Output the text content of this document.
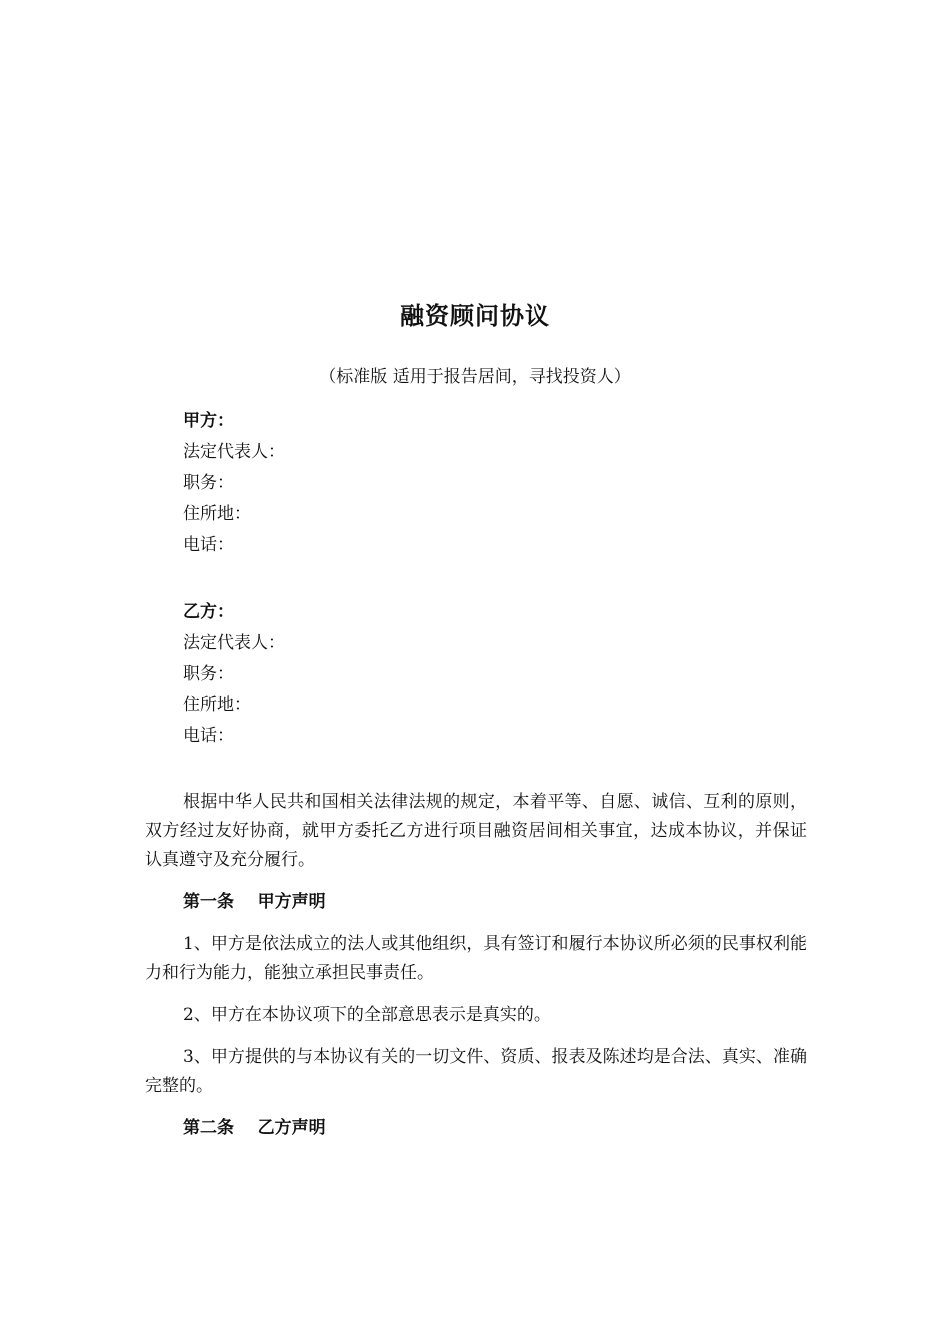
融资顾问协议
（标准版 适用于报告居间，寻找投资人）
甲方：
法定代表人：
职务：
住所地：
电话：
乙方：
法定代表人：
职务：
住所地：
电话：

根据中华人民共和国相关法律法规的规定，本着平等、自愿、诚信、互利的原则，双方经过友好协商，就甲方委托乙方进行项目融资居间相关事宜，达成本协议，并保证认真遵守及充分履行。

第一条    甲方声明

1、甲方是依法成立的法人或其他组织，具有签订和履行本协议所必须的民事权利能力和行为能力，能独立承担民事责任。

2、甲方在本协议项下的全部意思表示是真实的。

3、甲方提供的与本协议有关的一切文件、资质、报表及陈述均是合法、真实、准确完整的。

第二条    乙方声明
